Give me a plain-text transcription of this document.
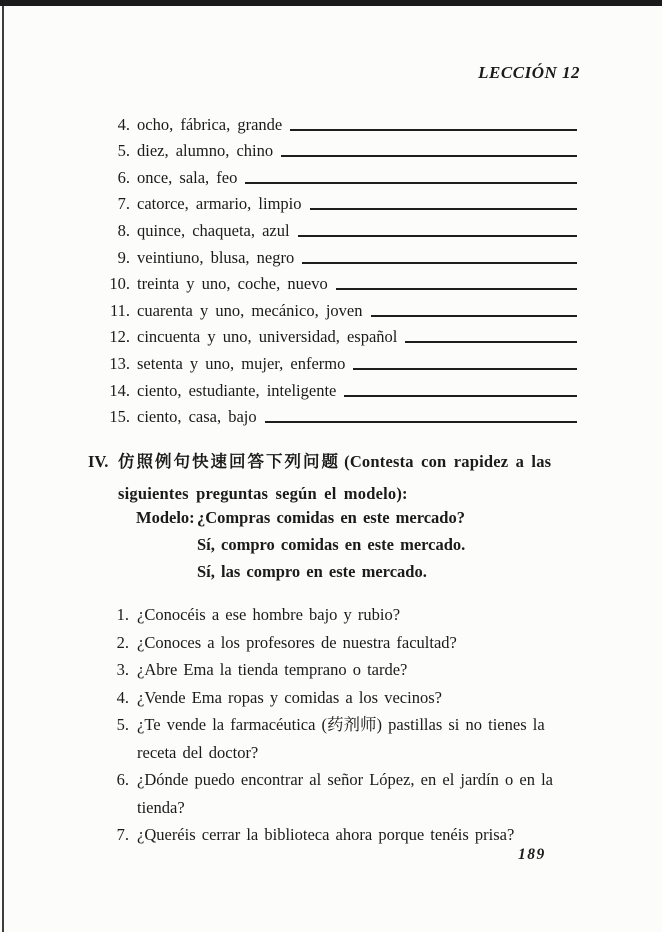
LECCIÓN 12
4. ocho, fábrica, grande
5. diez, alumno, chino
6. once, sala, feo
7. catorce, armario, limpio
8. quince, chaqueta, azul
9. veintiuno, blusa, negro
10. treinta y uno, coche, nuevo
11. cuarenta y uno, mecánico, joven
12. cincuenta y uno, universidad, español
13. setenta y uno, mujer, enfermo
14. ciento, estudiante, inteligente
15. ciento, casa, bajo
IV. 仿照例句快速回答下列问题 (Contesta con rapidez a las
siguientes preguntas según el modelo):
Modelo: ¿Compras comidas en este mercado?
Sí, compro comidas en este mercado.
Sí, las compro en este mercado.
1. ¿Conocéis a ese hombre bajo y rubio?
2. ¿Conoces a los profesores de nuestra facultad?
3. ¿Abre Ema la tienda temprano o tarde?
4. ¿Vende Ema ropas y comidas a los vecinos?
5. ¿Te vende la farmacéutica (药剂师) pastillas si no tienes la
receta del doctor?
6. ¿Dónde puedo encontrar al señor López, en el jardín o en la
tienda?
7. ¿Queréis cerrar la biblioteca ahora porque tenéis prisa?
189
